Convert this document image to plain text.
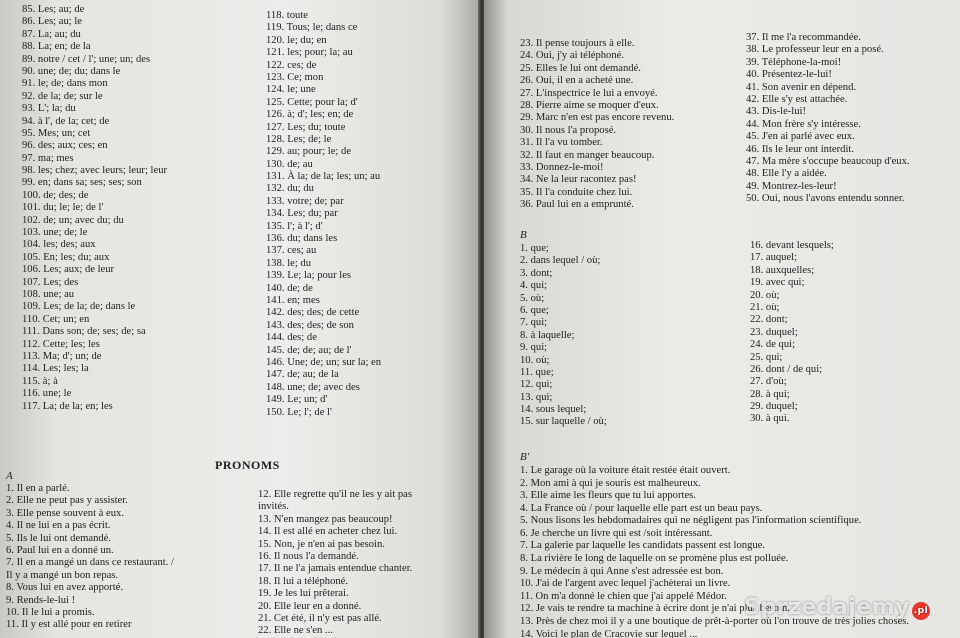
85. Les; au; de
86. Les; au; le
87. La; au; du
88. La; en; de la
89. notre / cet / l'; une; un; des
90. une; de; du; dans le
91. le; de; dans mon
92. de la; de; sur le
93. L'; la; du
94. à l', de la; cet; de
95. Mes; un; cet
96. des; aux; ces; en
97. ma; mes
98. les; chez; avec leurs; leur; leur
99. en; dans sa; ses; ses; son
100. de; des; de
101. du; le; le; de l'
102. de; un; avec du; du
103. une; de; le
104. les; des; aux
105. En; les; du; aux
106. Les; aux; de leur
107. Les; des
108. une; au
109. Les; de la; de; dans le
110. Cet; un; en
111. Dans son; de; ses; de; sa
112. Cette; les; les
113. Ma; d'; un; de
114. Les; les; la
115. à; à
116. une; le
117. La; de la; en; les
118. toute
119. Tous; le; dans ce
120. le; du; en
121. les; pour; la; au
122. ces; de
123. Ce; mon
124. le; une
125. Cette; pour la; d'
126. à; d'; les; en; de
127. Les; du; toute
128. Les; de; le
129. au; pour; le; de
130. de; au
131. À la; de la; les; un; au
132. du; du
133. votre; de; par
134. Les; du; par
135. l'; à l'; d'
136. du; dans les
137. ces; au
138. le; du
139. Le; la; pour les
140. de; de
141. en; mes
142. des; des; de cette
143. des; des; de son
144. des; de
145. de; de; au; de l'
146. Une; de; un; sur la; en
147. de; au; de la
148. une; de; avec des
149. Le; un; d'
150. Le; l'; de l'
PRONOMS
A
1. Il en a parlé.
2. Elle ne peut pas y assister.
3. Elle pense souvent à eux.
4. Il ne lui en a pas écrit.
5. Ils le lui ont demandé.
6. Paul lui en a donné un.
7. Il en a mangé un dans ce restaurant. /
Il y a mangé un bon repas.
8. Vous lui en avez apporté.
9. Rends-le-lui !
10. Il le lui a promis.
11. Il y est allé pour en retirer
12. Elle regrette qu'il ne les y ait pas
invités.
13. N'en mangez pas beaucoup!
14. Il est allé en acheter chez lui.
15. Non, je n'en ai pas besoin.
16. Il nous l'a demandé.
17. Il ne l'a jamais entendue chanter.
18. Il lui a téléphoné.
19. Je les lui prêterai.
20. Elle leur en a donné.
21. Cet été, il n'y est pas allé.
22. Elle ne s'en ...
23. Il pense toujours à elle.
24. Oui, j'y ai téléphoné.
25. Elles le lui ont demandé.
26. Oui, il en a acheté une.
27. L'inspectrice le lui a envoyé.
28. Pierre aime se moquer d'eux.
29. Marc n'en est pas encore revenu.
30. Il nous l'a proposé.
31. Il l'a vu tomber.
32. Il faut en manger beaucoup.
33. Donnez-le-moi!
34. Ne la leur racontez pas!
35. Il l'a conduite chez lui.
36. Paul lui en a emprunté.
37. Il me l'a recommandée.
38. Le professeur leur en a posé.
39. Téléphone-la-moi!
40. Présentez-le-lui!
41. Son avenir en dépend.
42. Elle s'y est attachée.
43. Dis-le-lui!
44. Mon frère s'y intéresse.
45. J'en ai parlé avec eux.
46. Ils le leur ont interdit.
47. Ma mère s'occupe beaucoup d'eux.
48. Elle l'y a aidée.
49. Montrez-les-leur!
50. Oui, nous l'avons entendu sonner.
B
1. que;
2. dans lequel / où;
3. dont;
4. qui;
5. où;
6. que;
7. qui;
8. à laquelle;
9. qui;
10. où;
11. que;
12. qui;
13. qui;
14. sous lequel;
15. sur laquelle / où;
16. devant lesquels;
17. auquel;
18. auxquelles;
19. avec qui;
20. où;
21. où;
22. dont;
23. duquel;
24. de qui;
25. qui;
26. dont / de qui;
27. d'où;
28. à qui;
29. duquel;
30. à qui.
B'
1. Le garage où la voiture était restée était ouvert.
2. Mon ami à qui je souris est malheureux.
3. Elle aime les fleurs que tu lui apportes.
4. La France où / pour laquelle elle part est un beau pays.
5. Nous lisons les hebdomadaires qui ne négligent pas l'information scientifique.
6. Je cherche un livre qui est /soit intéressant.
7. La galerie par laquelle les candidats passent est longue.
8. La rivière le long de laquelle on se promène plus est polluée.
9. Le médecin à qui Anne s'est adressée est bon.
10. J'ai de l'argent avec lequel j'achèterai un livre.
11. On m'a donné le chien que j'ai appelé Médor.
12. Je vais te rendre ta machine à écrire dont je n'ai plus besoin.
13. Près de chez moi il y a une boutique de prêt-à-porter où l'on trouve de très jolies choses.
14. Voici le plan de Cracovie sur lequel ...
Sprzedajemy .pl
